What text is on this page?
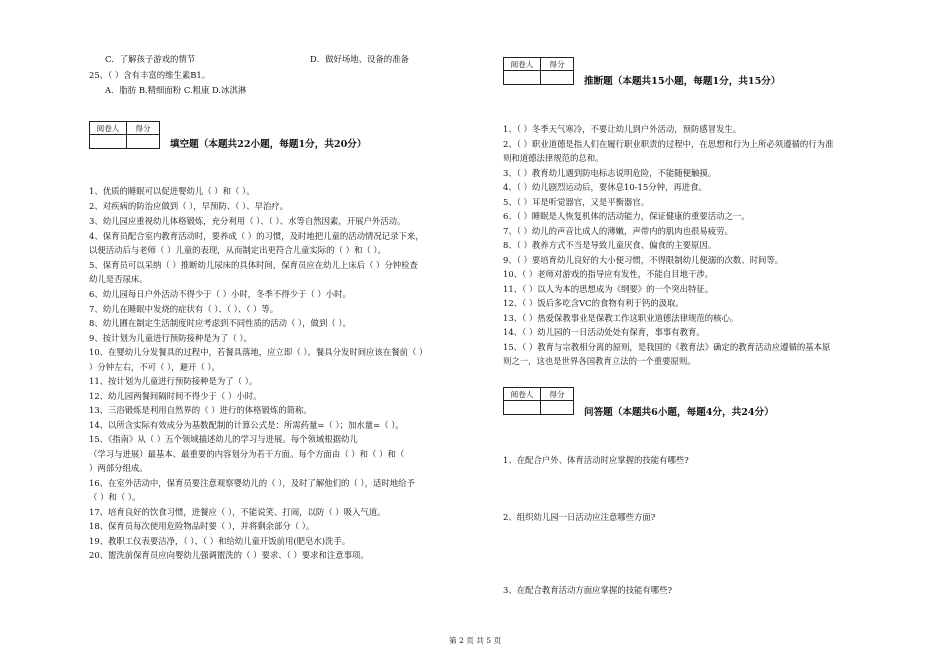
C．了解孩子游戏的情节	D．做好场地、设备的准备
25、（ ）含有丰富的维生素B1。
A．脂肪 B.精细面粉 C.粗康 D.冰淇淋
阅卷人	得分
填空题（本题共22小题，每题1分，共20分）
1、优质的睡眠可以促进婴幼儿（ ）和（ ）。
2、对疾病的防治应做到（ ），早预防、（ ）、早治疗。
3、幼儿园应重视幼儿体格锻炼，充分利用（ ）、（ ）、水等自然因素，开展户外活动。
4、保育员配合室内教育活动时，要养成（ ）的习惯，及时地把儿童的活动情况记录下来，
以便活动后与老师（ ）儿童的表现，从而制定出更符合儿童实际的（ ）和（ ）。
5、保育员可以采纳（ ）推断幼儿尿床的具体时间，保育员应在幼儿上床后（ ）分钟检查
幼儿是否尿床。
6、幼儿园每日户外活动不得少于（ ）小时，冬季不得少于（ ）小时。
7、幼儿在睡眠中发烧的症状有（ ）、（ ）、（ ）等。
8、幼儿圃在制定生活制度时应考虑到不同性质的活动（ ），做到（ ）。
9、按计划为儿童进行预防接种是为了（ ）。
10、在婴幼儿分发餐具的过程中，若餐具落地，应立即（ ）。餐具分发时间应该在餐前（ ）
）分钟左右，不可（ ），避开（ ）。
11、按计划为儿童进行预防接种是为了（ ）。
12、幼儿园两餐间隔时间不得少于（ ）小时。
13、三浴锻炼是利用自然界的（ ）进行的体格锻炼的简称。
14、以所含实际有效成分为基数配制的计算公式是：所需药量=（ ）；加水量=（ ）。
15、《指南》从（ ）五个领域描述幼儿的学习与进展。每个领域根据幼儿
（学习与进展）最基本、最重要的内容划分为若干方面。每个方面由（ ）和（ ）和（
）两部分组成。
16、在室外活动中，保育员要注意观察婴幼儿的（ ），及时了解他们的（ ），适时地给予
（ ）和（ ）。
17、培育良好的饮食习惯，进餐应（ ），不能说笑、打闹，以防（ ）吸入气道。
18、保育员每次使用危险物品时要（ ），并将剩余部分（ ）。
19、教职工仪表要洁净，（ ）、（ ）和给幼儿童开饭前用(肥皂水)洗手。
20、盥洗前保育员应向婴幼儿强调盥洗的（ ）要求、（ ）要求和注意事项。
阅卷人	得分
推断题（本题共15小题，每题1分，共15分）
1、（ ）冬季天气寒冷，不要让幼儿到户外活动，预防感冒发生。
2、（ ）职业道德是指人们在履行职业职责的过程中，在思想和行为上所必须遵循的行为准
则和道德法律规范的总和。
3、（ ）教育幼儿遇到防电标志说明危险，不能随便触摸。
4、（ ）幼儿剧烈运动后，要休息10-15分钟，再进食。
5、（ ）耳是听觉器官，又是平衡器官。
6、（ ）睡眠是人恢复机体的活动能力，保证健康的重要活动之一。
7、（ ）幼儿的声音比成人的薄嫩，声带内的肌肉也很易疲劳。
8、（ ）教养方式不当是导致儿童厌食、偏食的主要原因。
9、（ ）要培育幼儿良好的大小便习惯，不得限制幼儿便溺的次数、时间等。
10、（ ）老师对游戏的指导应有发性，不能自目地干涉。
11、（ ）以人为本的思想成为《纲要》的一个突出特征。
12、（ ）饭后多吃含VC的食物有利于钙的汲取。
13、（ ）热爱保教事业是保教工作这职业道德法律规范的核心。
14、（ ）幼儿园的一日活动处处有保育，事事有教育。
15、（ ）教育与宗教相分离的原则，是我国的《教育法》确定的教育活动应遵循的基本原
则之一，这也是世界各国教育立法的一个重要原则。
阅卷人	得分
问答题（本题共6小题，每题4分，共24分）
1、在配合户外、体育活动时应掌握的技能有哪些?
2、组织幼儿园一日活动应注意哪些方面?
3、在配合教育活动方面应掌握的技能有哪些?
第 2 页 共 5 页
